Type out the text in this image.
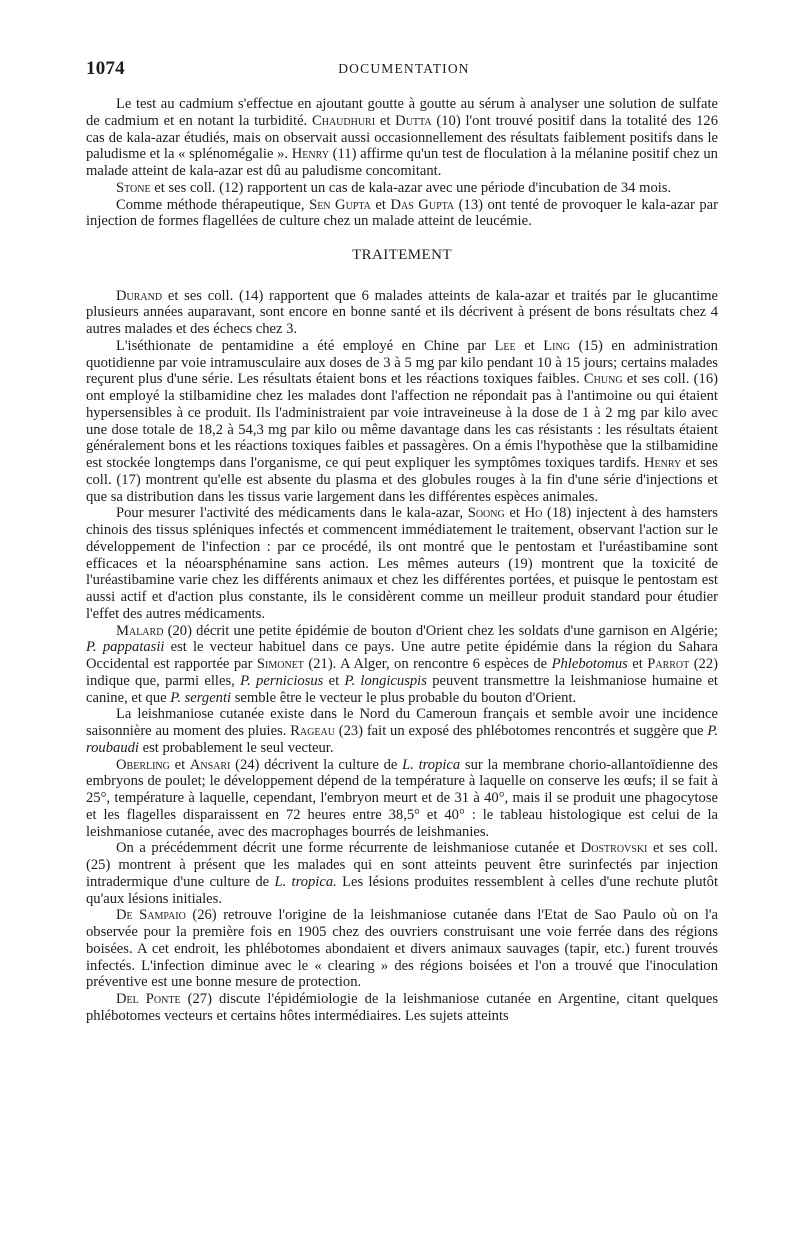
1074	DOCUMENTATION

Le test au cadmium s'effectue en ajoutant goutte à goutte au sérum à analyser une solution de sulfate de cadmium et en notant la turbidité. Chaudhuri et Dutta (10) l'ont trouvé positif dans la totalité des 126 cas de kala-azar étudiés, mais on observait aussi occasionnellement des résultats faiblement positifs dans le paludisme et la « splénomégalie ». Henry (11) affirme qu'un test de floculation à la mélanine positif chez un malade atteint de kala-azar est dû au paludisme concomitant.

Stone et ses coll. (12) rapportent un cas de kala-azar avec une période d'incubation de 34 mois.

Comme méthode thérapeutique, Sen Gupta et Das Gupta (13) ont tenté de provoquer le kala-azar par injection de formes flagellées de culture chez un malade atteint de leucémie.

TRAITEMENT

Durand et ses coll. (14) rapportent que 6 malades atteints de kala-azar et traités par le glucantime plusieurs années auparavant, sont encore en bonne santé et ils décrivent à présent de bons résultats chez 4 autres malades et des échecs chez 3.

L'iséthionate de pentamidine a été employé en Chine par Lee et Ling (15) en administration quotidienne par voie intramusculaire aux doses de 3 à 5 mg par kilo pendant 10 à 15 jours; certains malades reçurent plus d'une série. Les résultats étaient bons et les réactions toxiques faibles. Chung et ses coll. (16) ont employé la stilbamidine chez les malades dont l'affection ne répondait pas à l'antimoine ou qui étaient hypersensibles à ce produit. Ils l'administraient par voie intraveineuse à la dose de 1 à 2 mg par kilo avec une dose totale de 18,2 à 54,3 mg par kilo ou même davantage dans les cas résistants : les résultats étaient généralement bons et les réactions toxiques faibles et passagères. On a émis l'hypothèse que la stilbamidine est stockée longtemps dans l'organisme, ce qui peut expliquer les symptômes toxiques tardifs. Henry et ses coll. (17) montrent qu'elle est absente du plasma et des globules rouges à la fin d'une série d'injections et que sa distribution dans les tissus varie largement dans les différentes espèces animales.

Pour mesurer l'activité des médicaments dans le kala-azar, Soong et Ho (18) injectent à des hamsters chinois des tissus spléniques infectés et commencent immédiatement le traitement, observant l'action sur le développement de l'infection : par ce procédé, ils ont montré que le pentostam et l'uréastibamine sont efficaces et la néoarsphénamine sans action. Les mêmes auteurs (19) montrent que la toxicité de l'uréastibamine varie chez les différents animaux et chez les différentes portées, et puisque le pentostam est aussi actif et d'action plus constante, ils le considèrent comme un meilleur produit standard pour étudier l'effet des autres médicaments.

Malard (20) décrit une petite épidémie de bouton d'Orient chez les soldats d'une garnison en Algérie; P. pappatasii est le vecteur habituel dans ce pays. Une autre petite épidémie dans la région du Sahara Occidental est rapportée par Simonet (21). A Alger, on rencontre 6 espèces de Phlebotomus et Parrot (22) indique que, parmi elles, P. perniciosus et P. longicuspis peuvent transmettre la leishmaniose humaine et canine, et que P. sergenti semble être le vecteur le plus probable du bouton d'Orient.

La leishmaniose cutanée existe dans le Nord du Cameroun français et semble avoir une incidence saisonnière au moment des pluies. Rageau (23) fait un exposé des phlébotomes rencontrés et suggère que P. roubaudi est probablement le seul vecteur.

Oberling et Ansari (24) décrivent la culture de L. tropica sur la membrane chorio-allantoïdienne des embryons de poulet; le développement dépend de la température à laquelle on conserve les œufs; il se fait à 25°, température à laquelle, cependant, l'embryon meurt et de 31 à 40°, mais il se produit une phagocytose et les flagelles disparaissent en 72 heures entre 38,5° et 40° : le tableau histologique est celui de la leishmaniose cutanée, avec des macrophages bourrés de leishmanies.

On a précédemment décrit une forme récurrente de leishmaniose cutanée et Dostrovski et ses coll. (25) montrent à présent que les malades qui en sont atteints peuvent être surinfectés par injection intradermique d'une culture de L. tropica. Les lésions produites ressemblent à celles d'une rechute plutôt qu'aux lésions initiales.

De Sampaio (26) retrouve l'origine de la leishmaniose cutanée dans l'Etat de Sao Paulo où on l'a observée pour la première fois en 1905 chez des ouvriers construisant une voie ferrée dans des régions boisées. A cet endroit, les phlébotomes abondaient et divers animaux sauvages (tapir, etc.) furent trouvés infectés. L'infection diminue avec le « clearing » des régions boisées et l'on a trouvé que l'inoculation préventive est une bonne mesure de protection.

Del Ponte (27) discute l'épidémiologie de la leishmaniose cutanée en Argentine, citant quelques phlébotomes vecteurs et certains hôtes intermédiaires. Les sujets atteints
